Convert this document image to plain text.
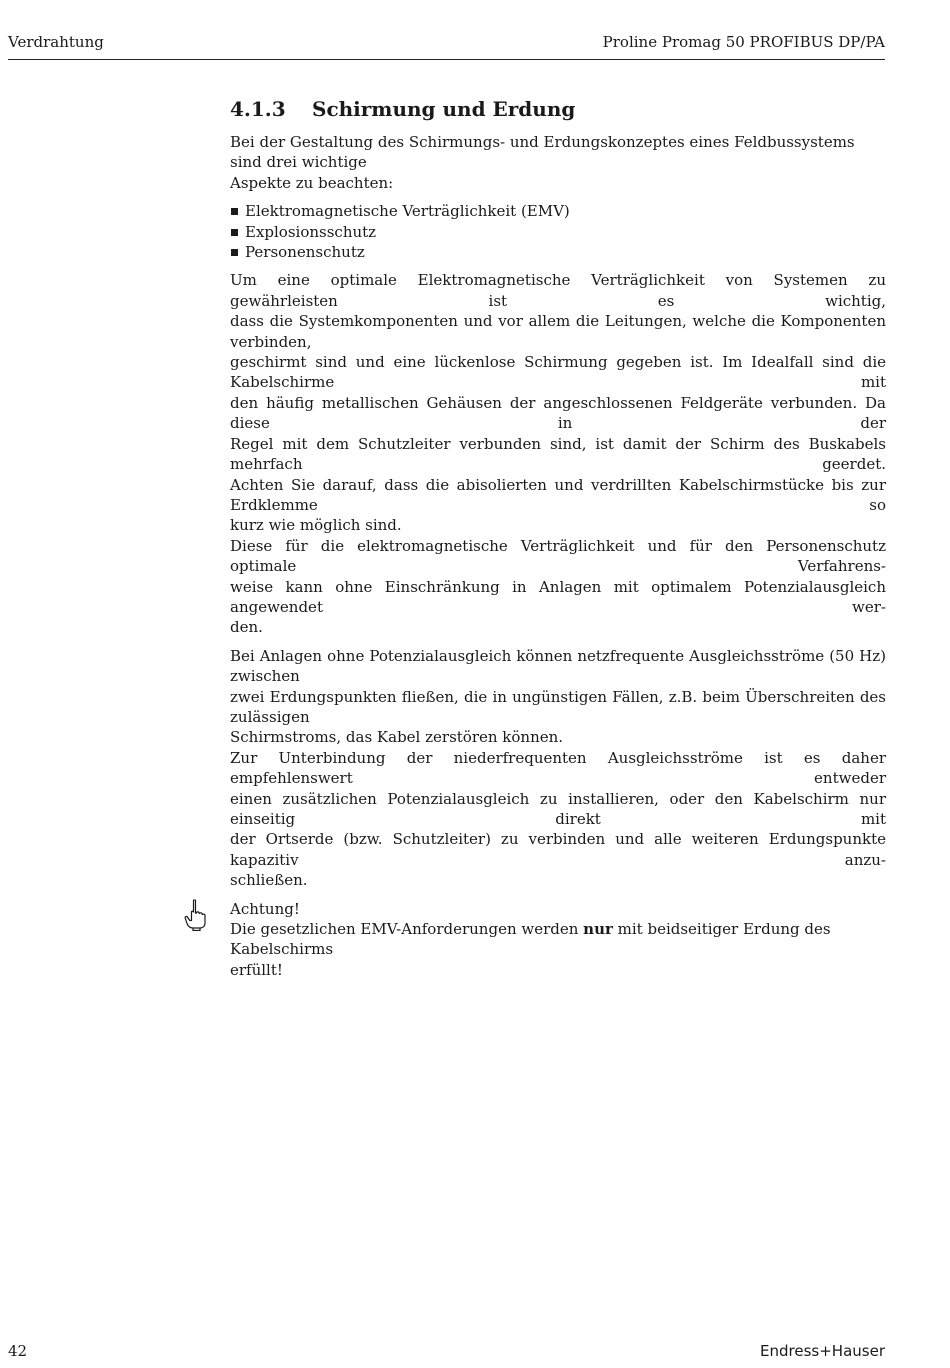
Verdrahtung	Proline Promag 50 PROFIBUS DP/PA
4.1.3 Schirmung und Erdung
Bei der Gestaltung des Schirmungs- und Erdungskonzeptes eines Feldbussystems sind drei wichtige
Aspekte zu beachten:
Elektromagnetische Verträglichkeit (EMV)
Explosionsschutz
Personenschutz
Um eine optimale Elektromagnetische Verträglichkeit von Systemen zu gewährleisten ist es wichtig,
dass die Systemkomponenten und vor allem die Leitungen, welche die Komponenten verbinden,
geschirmt sind und eine lückenlose Schirmung gegeben ist. Im Idealfall sind die Kabelschirme mit
den häufig metallischen Gehäusen der angeschlossenen Feldgeräte verbunden. Da diese in der
Regel mit dem Schutzleiter verbunden sind, ist damit der Schirm des Buskabels mehrfach geerdet.
Achten Sie darauf, dass die abisolierten und verdrillten Kabelschirmstücke bis zur Erdklemme so
kurz wie möglich sind.
Diese für die elektromagnetische Verträglichkeit und für den Personenschutz optimale Verfahrens-
weise kann ohne Einschränkung in Anlagen mit optimalem Potenzialausgleich angewendet wer-
den.
Bei Anlagen ohne Potenzialausgleich können netzfrequente Ausgleichsströme (50 Hz) zwischen
zwei Erdungspunkten fließen, die in ungünstigen Fällen, z.B. beim Überschreiten des zulässigen
Schirmstroms, das Kabel zerstören können.
Zur Unterbindung der niederfrequenten Ausgleichsströme ist es daher empfehlenswert entweder
einen zusätzlichen Potenzialausgleich zu installieren, oder den Kabelschirm nur einseitig direkt mit
der Ortserde (bzw. Schutzleiter) zu verbinden und alle weiteren Erdungspunkte kapazitiv anzu-
schließen.
Achtung!
Die gesetzlichen EMV-Anforderungen werden nur mit beidseitiger Erdung des Kabelschirms
erfüllt!
42	Endress+Hauser
